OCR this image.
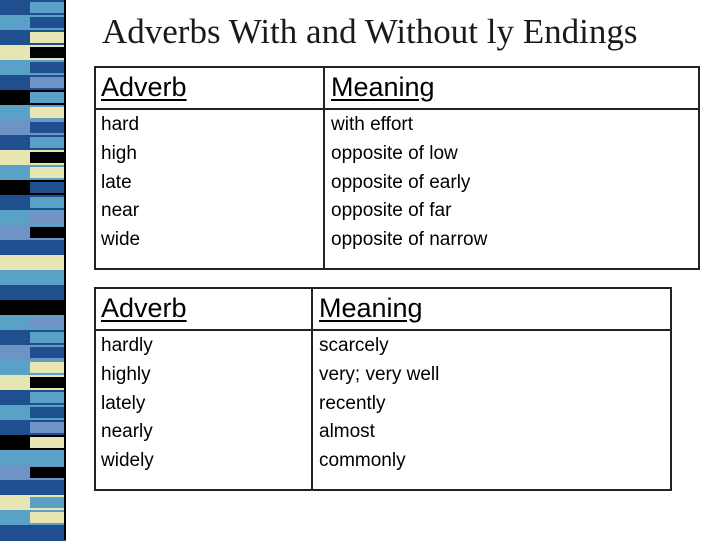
Adverbs With and Without ly Endings
Adverb	Meaning
hard
high
late
near
wide
with effort
opposite of low
opposite of early
opposite of far
opposite of narrow
Adverb	Meaning
hardly
highly
lately
nearly
widely
scarcely
very; very well
recently
almost
commonly
